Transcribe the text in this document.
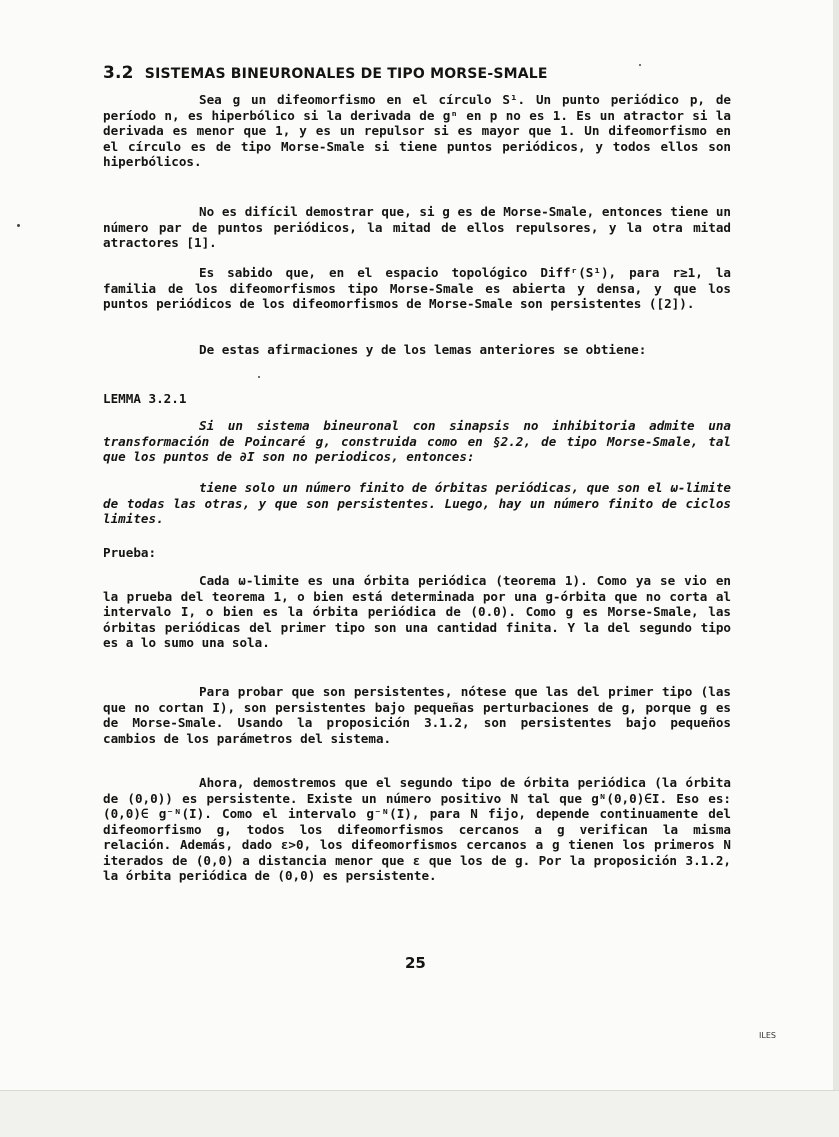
3.2 SISTEMAS BINEURONALES DE TIPO MORSE-SMALE
Sea g un difeomorfismo en el círculo S¹. Un punto periódico p, de período n, es hiperbólico si la derivada de gⁿ en p no es 1. Es un atractor si la derivada es menor que 1, y es un repulsor si es mayor que 1. Un difeomorfismo en el círculo es de tipo Morse-Smale si tiene puntos periódicos, y todos ellos son hiperbólicos.
No es difícil demostrar que, si g es de Morse-Smale, entonces tiene un número par de puntos periódicos, la mitad de ellos repulsores, y la otra mitad atractores [1].
Es sabido que, en el espacio topológico Diffʳ(S¹), para r≥1, la familia de los difeomorfismos tipo Morse-Smale es abierta y densa, y que los puntos periódicos de los difeomorfismos de Morse-Smale son persistentes ([2]).
De estas afirmaciones y de los lemas anteriores se obtiene:
LEMMA 3.2.1
Si un sistema bineuronal con sinapsis no inhibitoria admite una transformación de Poincaré g, construida como en §2.2, de tipo Morse-Smale, tal que los puntos de ∂I son no periodicos, entonces:
tiene solo un número finito de órbitas periódicas, que son el ω-limite de todas las otras, y que son persistentes. Luego, hay un número finito de ciclos limites.
Prueba:
Cada ω-limite es una órbita periódica (teorema 1). Como ya se vio en la prueba del teorema 1, o bien está determinada por una g-órbita que no corta al intervalo I, o bien es la órbita periódica de (0.0). Como g es Morse-Smale, las órbitas periódicas del primer tipo son una cantidad finita. Y la del segundo tipo es a lo sumo una sola.
Para probar que son persistentes, nótese que las del primer tipo (las que no cortan I), son persistentes bajo pequeñas perturbaciones de g, porque g es de Morse-Smale. Usando la proposición 3.1.2, son persistentes bajo pequeños cambios de los parámetros del sistema.
Ahora, demostremos que el segundo tipo de órbita periódica (la órbita de (0,0)) es persistente. Existe un número positivo N tal que gᴺ(0,0)∈I. Eso es: (0,0)∈ g⁻ᴺ(I). Como el intervalo g⁻ᴺ(I), para N fijo, depende continuamente del difeomorfismo g, todos los difeomorfismos cercanos a g verifican la misma relación. Además, dado ε>0, los difeomorfismos cercanos a g tienen los primeros N iterados de (0,0) a distancia menor que ε que los de g. Por la proposición 3.1.2, la órbita periódica de (0,0) es persistente.
25
ILES
